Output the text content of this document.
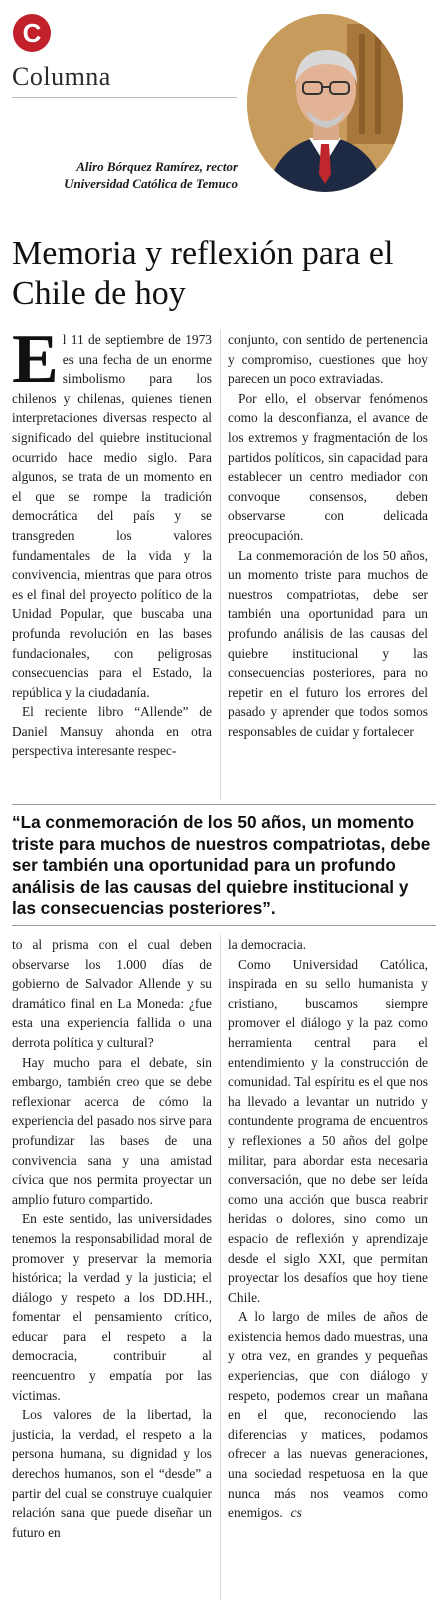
C
Columna
Aliro Bórquez Ramírez, rector Universidad Católica de Temuco
Memoria y reflexión para el Chile de hoy

El 11 de septiembre de 1973 es una fecha de un enorme simbolismo para los chilenos y chilenas, quienes tienen interpretaciones diversas respecto al significado del quiebre institucional ocurrido hace medio siglo. Para algunos, se trata de un momento en el que se rompe la tradición democrática del país y se transgreden los valores fundamentales de la vida y la convivencia, mientras que para otros es el final del proyecto político de la Unidad Popular, que buscaba una profunda revolución en las bases fundacionales, con peligrosas consecuencias para el Estado, la república y la ciudadanía.

El reciente libro “Allende” de Daniel Mansuy ahonda en otra perspectiva interesante respec-

conjunto, con sentido de pertenencia y compromiso, cuestiones que hoy parecen un poco extraviadas.

Por ello, el observar fenómenos como la desconfianza, el avance de los extremos y fragmentación de los partidos políticos, sin capacidad para establecer un centro mediador con convoque consensos, deben observarse con delicada preocupación.

La conmemoración de los 50 años, un momento triste para muchos de nuestros compatriotas, debe ser también una oportunidad para un profundo análisis de las causas del quiebre institucional y las consecuencias posteriores, para no repetir en el futuro los errores del pasado y aprender que todos somos responsables de cuidar y fortalecer

“La conmemoración de los 50 años, un momento triste para muchos de nuestros compatriotas, debe ser también una oportunidad para un profundo análisis de las causas del quiebre institucional y las consecuencias posteriores”.

to al prisma con el cual deben observarse los 1.000 días de gobierno de Salvador Allende y su dramático final en La Moneda: ¿fue esta una experiencia fallida o una derrota política y cultural?

Hay mucho para el debate, sin embargo, también creo que se debe reflexionar acerca de cómo la experiencia del pasado nos sirve para profundizar las bases de una convivencia sana y una amistad cívica que nos permita proyectar un amplio futuro compartido.

En este sentido, las universidades tenemos la responsabilidad moral de promover y preservar la memoria histórica; la verdad y la justicia; el diálogo y respeto a los DD.HH., fomentar el pensamiento crítico, educar para el respeto a la democracia, contribuir al reencuentro y empatía por las víctimas.

Los valores de la libertad, la justicia, la verdad, el respeto a la persona humana, su dignidad y los derechos humanos, son el “desde” a partir del cual se construye cualquier relación sana que puede diseñar un futuro en

la democracia.

Como Universidad Católica, inspirada en su sello humanista y cristiano, buscamos siempre promover el diálogo y la paz como herramienta central para el entendimiento y la construcción de comunidad. Tal espíritu es el que nos ha llevado a levantar un nutrido y contundente programa de encuentros y reflexiones a 50 años del golpe militar, para abordar esta necesaria conversación, que no debe ser leída como una acción que busca reabrir heridas o dolores, sino como un espacio de reflexión y aprendizaje desde el siglo XXI, que permitan proyectar los desafíos que hoy tiene Chile.

A lo largo de miles de años de existencia hemos dado muestras, una y otra vez, en grandes y pequeñas experiencias, que con diálogo y respeto, podemos crear un mañana en el que, reconociendo las diferencias y matices, podamos ofrecer a las nuevas generaciones, una sociedad respetuosa en la que nunca más nos veamos como enemigos. cs
